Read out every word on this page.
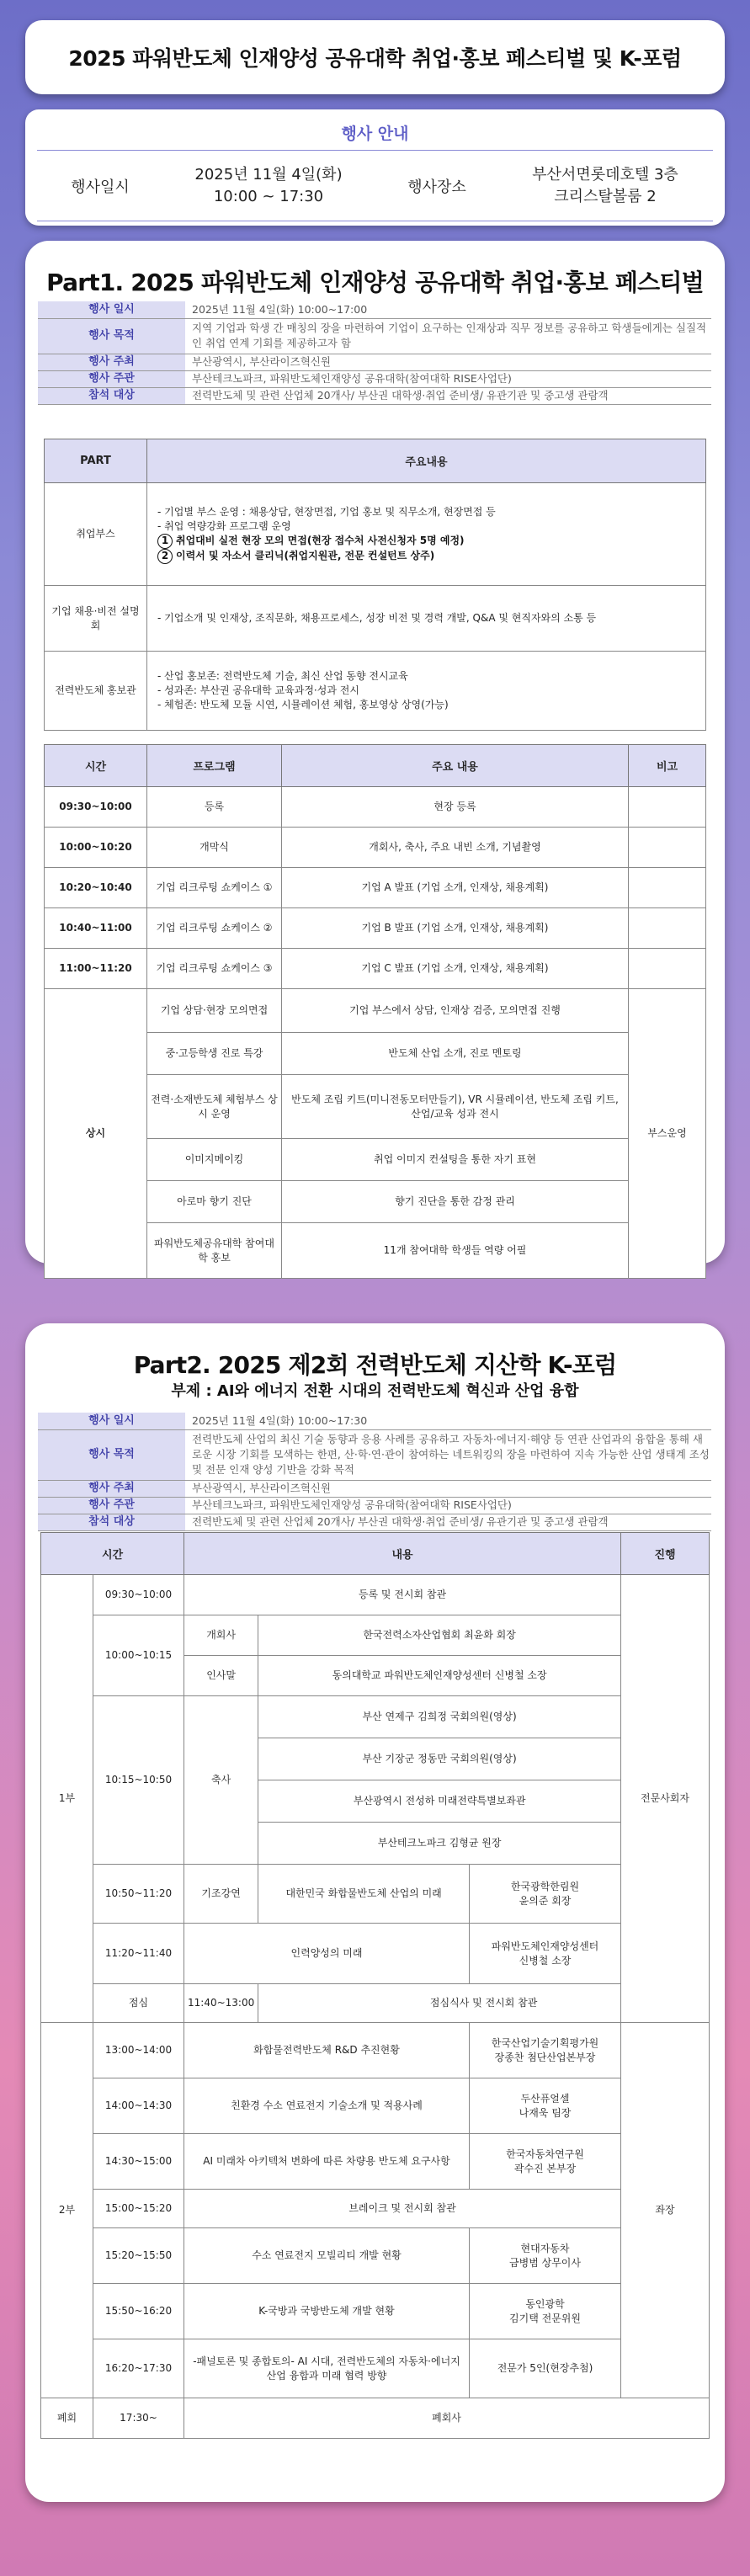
2025 파워반도체 인재양성 공유대학 취업·홍보 페스티벌 및 K-포럼
행사 안내
행사일시
2025년 11월 4일(화)
10:00 ~ 17:30
행사장소
부산서면롯데호텔 3층
크리스탈볼룸 2
Part1. 2025 파워반도체 인재양성 공유대학 취업·홍보 페스티벌
행사 일시	2025년 11월 4일(화) 10:00~17:00
행사 목적	지역 기업과 학생 간 매칭의 장을 마련하여 기업이 요구하는 인재상과 직무 정보를 공유하고 학생들에게는 실질적인 취업 연계 기회를 제공하고자 함
행사 주최	부산광역시, 부산라이즈혁신원
행사 주관	부산테크노파크, 파워반도체인재양성 공유대학(참여대학 RISE사업단)
참석 대상	전력반도체 및 관련 산업체 20개사/ 부산권 대학생·취업 준비생/ 유관기관 및 중고생 관람객
PART	주요내용
취업부스	- 기업별 부스 운영 : 채용상담, 현장면접, 기업 홍보 및 직무소개, 현장면접 등
- 취업 역량강화 프로그램 운영
1 취업대비 실전 현장 모의 면접(현장 접수처 사전신청자 5명 예정)
2 이력서 및 자소서 클리닉(취업지원관, 전문 컨설턴트 상주)

기업 채용·비전 설명회	- 기업소개 및 인재상, 조직문화, 채용프로세스, 성장 비전 및 경력 개발, Q&A 및 현직자와의 소통 등
전력반도체 홍보관	- 산업 홍보존: 전력반도체 기술, 최신 산업 동향 전시교육
- 성과존: 부산권 공유대학 교육과정·성과 전시
- 체험존: 반도체 모듈 시연, 시뮬레이션 체험, 홍보영상 상영(가능)
시간	프로그램	주요 내용	비고
09:30~10:00	등록	현장 등록	
10:00~10:20	개막식	개회사, 축사, 주요 내빈 소개, 기념촬영	
10:20~10:40	기업 리크루팅 쇼케이스 ①	기업 A 발표 (기업 소개, 인재상, 채용계획)	
10:40~11:00	기업 리크루팅 쇼케이스 ②	기업 B 발표 (기업 소개, 인재상, 채용계획)	
11:00~11:20	기업 리크루팅 쇼케이스 ③	기업 C 발표 (기업 소개, 인재상, 채용계획)	
상시	기업 상담·현장 모의면접	기업 부스에서 상담, 인재상 검증, 모의면접 진행	부스운영
	중·고등학생 진로 특강	반도체 산업 소개, 진로 멘토링	
	전력·소재반도체 체험부스 상시 운영	반도체 조립 키트(미니전동모터만들기), VR 시뮬레이션, 반도체 조립 키트, 산업/교육 성과 전시	
	이미지메이킹	취업 이미지 컨설팅을 통한 자기 표현	
	아로마 향기 진단	향기 진단을 통한 감정 관리	
	파워반도체공유대학 참여대학 홍보	11개 참여대학 학생들 역량 어필	
Part2. 2025 제2회 전력반도체 지산학 K-포럼
부제 : AI와 에너지 전환 시대의 전력반도체 혁신과 산업 융합
행사 일시	2025년 11월 4일(화) 10:00~17:30
행사 목적	전력반도체 산업의 최신 기술 동향과 응용 사례를 공유하고 자동차·에너지·해양 등 연관 산업과의 융합을 통해 새로운 시장 기회를 모색하는 한편, 산·학·연·관이 참여하는 네트워킹의 장을 마련하여 지속 가능한 산업 생태계 조성 및 전문 인재 양성 기반을 강화 목적
행사 주최	부산광역시, 부산라이즈혁신원
행사 주관	부산테크노파크, 파워반도체인재양성 공유대학(참여대학 RISE사업단)
참석 대상	전력반도체 및 관련 산업체 20개사/ 부산권 대학생·취업 준비생/ 유관기관 및 중고생 관람객
시간		내용			진행
1부	09:30~10:00	등록 및 전시회 참관			전문사회자
	10:00~10:15	개회사	한국전력소자산업협회 최윤화 회장		
		인사말	동의대학교 파워반도체인재양성센터 신병철 소장		
	10:15~10:50	축사	부산 연제구 김희정 국회의원(영상)		
			부산 기장군 정동만 국회의원(영상)		
			부산광역시 전성하 미래전략특별보좌관		
			부산테크노파크 김형균 원장		
	10:50~11:20	기조강연	대한민국 화합물반도체 산업의 미래	한국광학한림원
윤의준 회장	
	11:20~11:40	인력양성의 미래		파워반도체인재양성센터
신병철 소장	
	점심	11:40~13:00	점심식사 및 전시회 참관		
2부	13:00~14:00	화합물전력반도체 R&D 추진현황		한국산업기술기획평가원
장종찬 첨단산업본부장	좌장
	14:00~14:30	친환경 수소 연료전지 기술소개 및 적용사례		두산퓨얼셀
나재욱 팀장	
	14:30~15:00	AI 미래차 아키텍처 변화에 따른 차량용 반도체 요구사항		한국자동차연구원
곽수진 본부장	
	15:00~15:20	브레이크 및 전시회 참관			
	15:20~15:50	수소 연료전지 모빌리티 개발 현황		현대자동차
금병범 상무이사	
	15:50~16:20	K-국방과 국방반도체 개발 현황		동인광학
김기택 전문위원	
	16:20~17:30	-패널토론 및 종합토의- AI 시대, 전력반도체의 자동차·에너지 산업 융합과 미래 협력 방향		전문가 5인(현장추첨)	
폐회	17:30~	폐회사			
